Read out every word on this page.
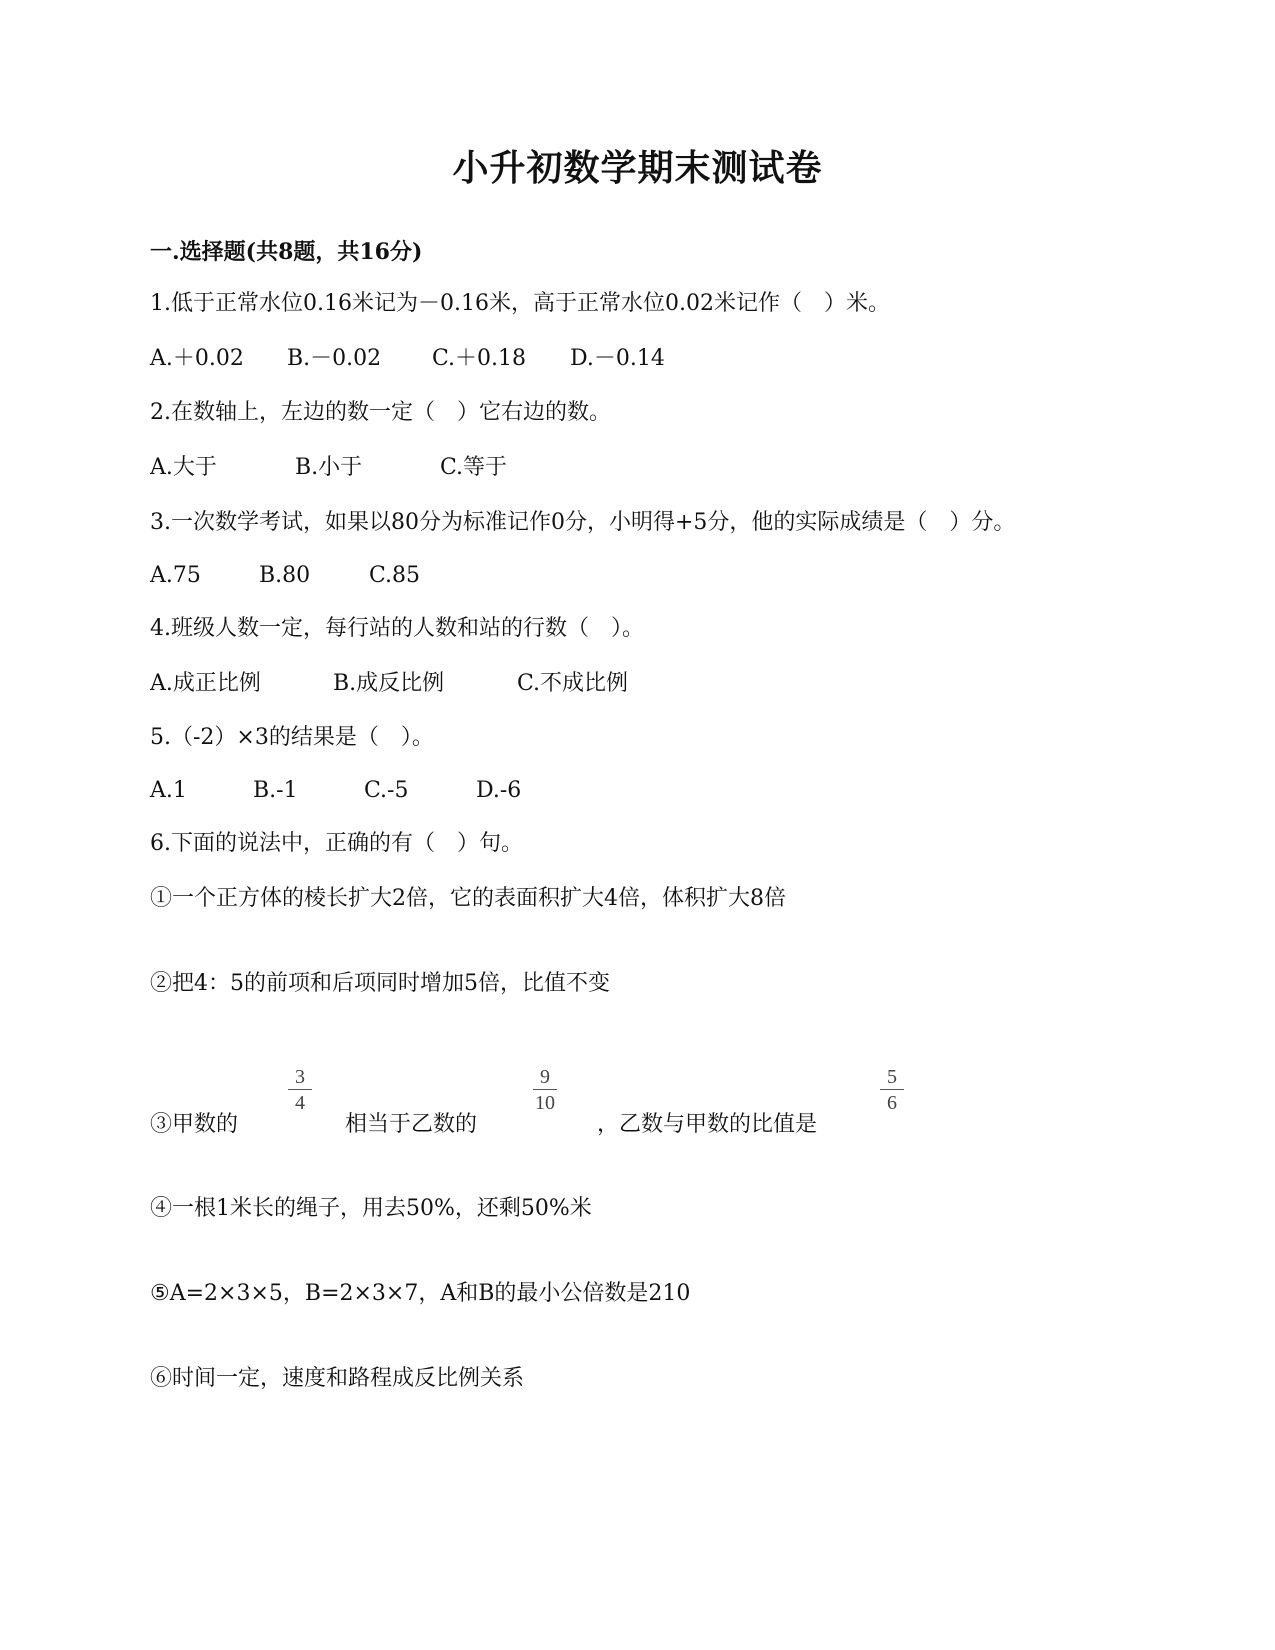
小升初数学期末测试卷
一.选择题(共8题，共16分)
1.低于正常水位0.16米记为－0.16米，高于正常水位0.02米记作（　）米。
A.＋0.02 B.－0.02 C.＋0.18 D.－0.14
2.在数轴上，左边的数一定（　）它右边的数。
A.大于	B.小于	C.等于
3.一次数学考试，如果以80分为标准记作0分，小明得+5分，他的实际成绩是（　）分。
A.75	B.80	C.85
4.班级人数一定，每行站的人数和站的行数（　）。
A.成正比例	B.成反比例	C.不成比例
5.（-2）×3的结果是（　）。
A.1	B.-1	C.-5	D.-6
6.下面的说法中，正确的有（　）句。
①一个正方体的棱长扩大2倍，它的表面积扩大4倍，体积扩大8倍
②把4：5的前项和后项同时增加5倍，比值不变
③甲数的
3
4
相当于乙数的
9
10
，乙数与甲数的比值是
5
6
④一根1米长的绳子，用去50%，还剩50%米
⑤A=2×3×5，B=2×3×7，A和B的最小公倍数是210
⑥时间一定，速度和路程成反比例关系
